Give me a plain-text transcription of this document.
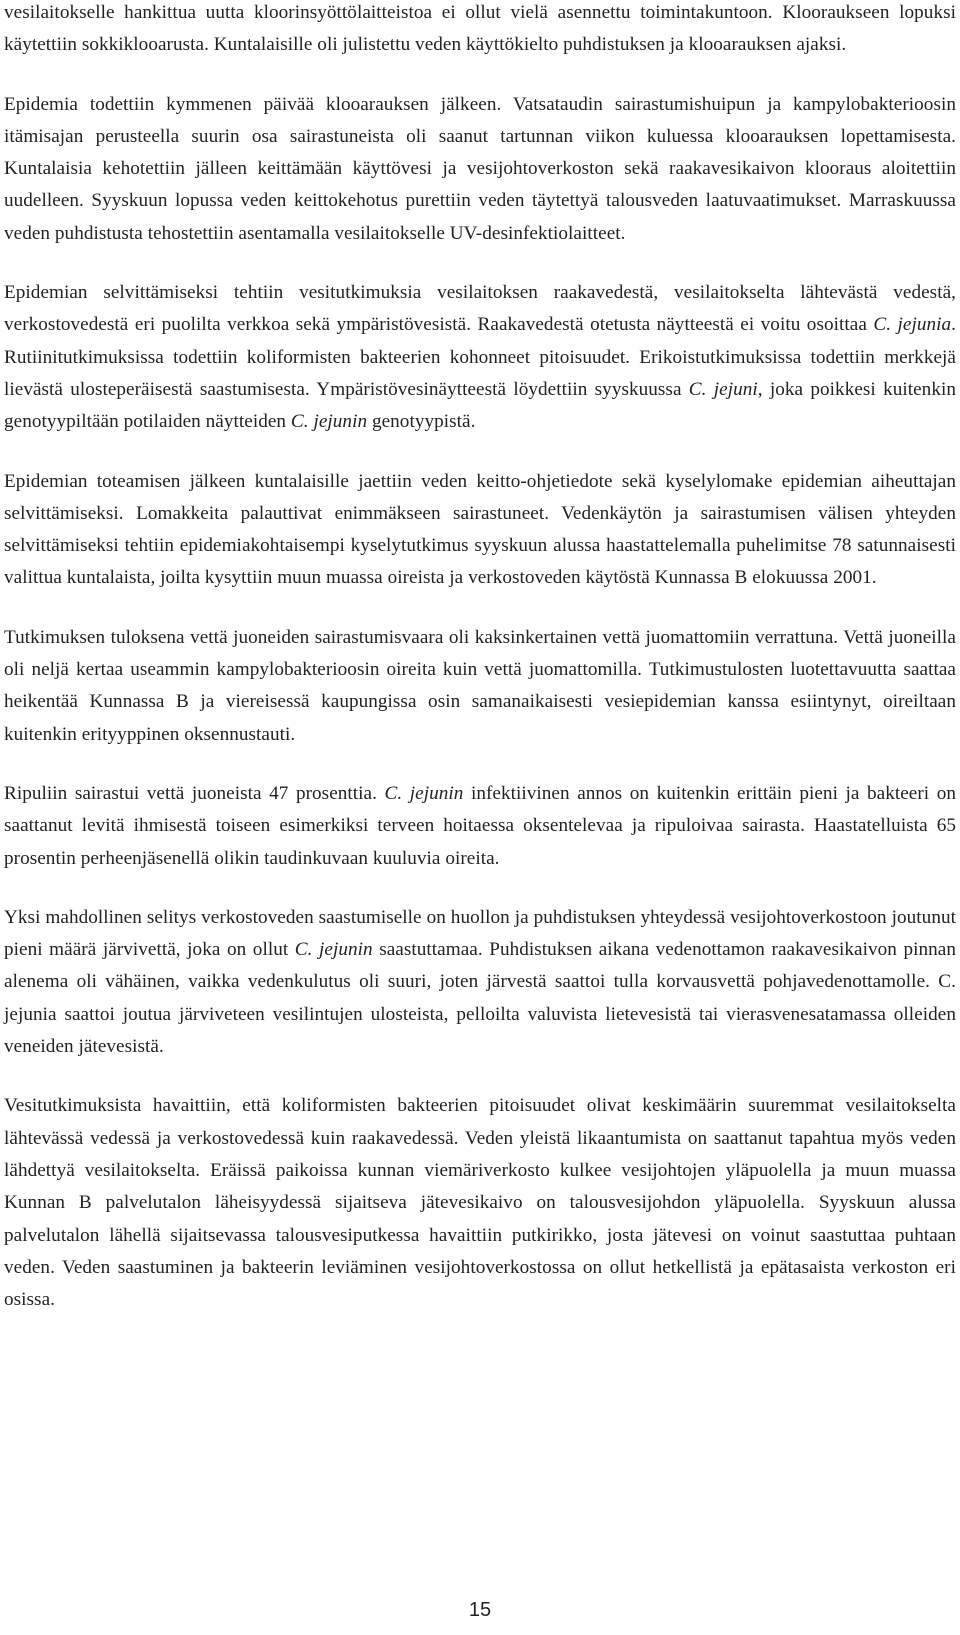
vesilaitokselle hankittua uutta kloorinsyöttölaitteistoa ei ollut vielä asennettu toimintakuntoon. Klooraukseen lopuksi käytettiin sokkiklooarusta. Kuntalaisille oli julistettu veden käyttökielto puhdistuksen ja klooarauksen ajaksi.

Epidemia todettiin kymmenen päivää klooarauksen jälkeen. Vatsataudin sairastumishuipun ja kampylobakterioosin itämisajan perusteella suurin osa sairastuneista oli saanut tartunnan viikon kuluessa klooarauksen lopettamisesta. Kuntalaisia kehotettiin jälleen keittämään käyttövesi ja vesijohtoverkoston sekä raakavesikaivon klooraus aloitettiin uudelleen. Syyskuun lopussa veden keittokehotus purettiin veden täytettyä talousveden laatuvaatimukset. Marraskuussa veden puhdistusta tehostettiin asentamalla vesilaitokselle UV-desinfektiolaitteet.

Epidemian selvittämiseksi tehtiin vesitutkimuksia vesilaitoksen raakavedestä, vesilaitokselta lähtevästä vedestä, verkostovedestä eri puolilta verkkoa sekä ympäristövesistä. Raakavedestä otetusta näytteestä ei voitu osoittaa C. jejunia. Rutiinitutkimuksissa todettiin koliformisten bakteerien kohonneet pitoisuudet. Erikoistutkimuksissa todettiin merkkejä lievästä ulosteperäisestä saastumisesta. Ympäristövesinäytteestä löydettiin syyskuussa C. jejuni, joka poikkesi kuitenkin genotyypiltään potilaiden näytteiden C. jejunin genotyypistä.

Epidemian toteamisen jälkeen kuntalaisille jaettiin veden keitto-ohjetiedote sekä kyselylomake epidemian aiheuttajan selvittämiseksi. Lomakkeita palauttivat enimmäkseen sairastuneet. Vedenkäytön ja sairastumisen välisen yhteyden selvittämiseksi tehtiin epidemiakohtaisempi kyselytutkimus syyskuun alussa haastattelemalla puhelimitse 78 satunnaisesti valittua kuntalaista, joilta kysyttiin muun muassa oireista ja verkostoveden käytöstä Kunnassa B elokuussa 2001.

Tutkimuksen tuloksena vettä juoneiden sairastumisvaara oli kaksinkertainen vettä juomattomiin verrattuna. Vettä juoneilla oli neljä kertaa useammin kampylobakterioosin oireita kuin vettä juomattomilla. Tutkimustulosten luotettavuutta saattaa heikentää Kunnassa B ja viereisessä kaupungissa osin samanaikaisesti vesiepidemian kanssa esiintynyt, oireiltaan kuitenkin erityyppinen oksennustauti.

Ripuliin sairastui vettä juoneista 47 prosenttia. C. jejunin infektiivinen annos on kuitenkin erittäin pieni ja bakteeri on saattanut levitä ihmisestä toiseen esimerkiksi terveen hoitaessa oksentelevaa ja ripuloivaa sairasta. Haastatelluista 65 prosentin perheenjäsenellä olikin taudinkuvaan kuuluvia oireita.

Yksi mahdollinen selitys verkostoveden saastumiselle on huollon ja puhdistuksen yhteydessä vesijohtoverkostoon joutunut pieni määrä järvivettä, joka on ollut C. jejunin saastuttamaa. Puhdistuksen aikana vedenottamon raakavesikaivon pinnan alenema oli vähäinen, vaikka vedenkulutus oli suuri, joten järvestä saattoi tulla korvausvettä pohjavedenottamolle. C. jejunia saattoi joutua järviveteen vesilintujen ulosteista, pelloilta valuvista lietevesistä tai vierasvenesatamassa olleiden veneiden jätevesistä.

Vesitutkimuksista havaittiin, että koliformisten bakteerien pitoisuudet olivat keskimäärin suuremmat vesilaitokselta lähtevässä vedessä ja verkostovedessä kuin raakavedessä. Veden yleistä likaantumista on saattanut tapahtua myös veden lähdettyä vesilaitokselta. Eräissä paikoissa kunnan viemäriverkosto kulkee vesijohtojen yläpuolella ja muun muassa Kunnan B palvelutalon läheisyydessä sijaitseva jätevesikaivo on talousvesijohdon yläpuolella. Syyskuun alussa palvelutalon lähellä sijaitsevassa talousvesiputkessa havaittiin putkirikko, josta jätevesi on voinut saastuttaa puhtaan veden. Veden saastuminen ja bakteerin leviäminen vesijohtoverkostossa on ollut hetkellistä ja epätasaista verkoston eri osissa.

15
